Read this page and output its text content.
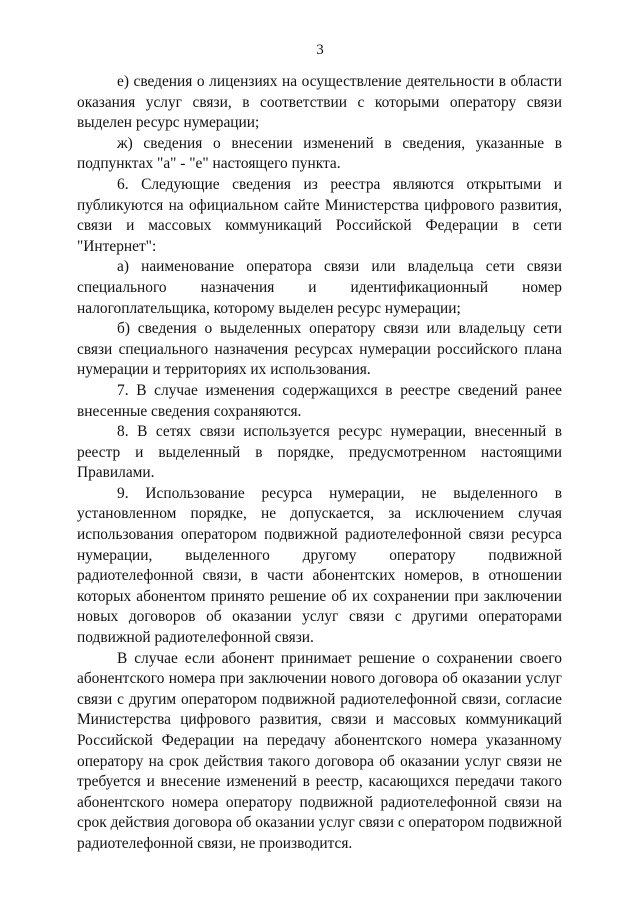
3

е) сведения о лицензиях на осуществление деятельности в области оказания услуг связи, в соответствии с которыми оператору связи выделен ресурс нумерации;

ж) сведения о внесении изменений в сведения, указанные в подпунктах "а" - "е" настоящего пункта.

6. Следующие сведения из реестра являются открытыми и публикуются на официальном сайте Министерства цифрового развития, связи и массовых коммуникаций Российской Федерации в сети "Интернет":

а) наименование оператора связи или владельца сети связи специального назначения и идентификационный номер налогоплательщика, которому выделен ресурс нумерации;

б) сведения о выделенных оператору связи или владельцу сети связи специального назначения ресурсах нумерации российского плана нумерации и территориях их использования.

7. В случае изменения содержащихся в реестре сведений ранее внесенные сведения сохраняются.

8. В сетях связи используется ресурс нумерации, внесенный в реестр и выделенный в порядке, предусмотренном настоящими Правилами.

9. Использование ресурса нумерации, не выделенного в установленном порядке, не допускается, за исключением случая использования оператором подвижной радиотелефонной связи ресурса нумерации, выделенного другому оператору подвижной радиотелефонной связи, в части абонентских номеров, в отношении которых абонентом принято решение об их сохранении при заключении новых договоров об оказании услуг связи с другими операторами подвижной радиотелефонной связи.

В случае если абонент принимает решение о сохранении своего абонентского номера при заключении нового договора об оказании услуг связи с другим оператором подвижной радиотелефонной связи, согласие Министерства цифрового развития, связи и массовых коммуникаций Российской Федерации на передачу абонентского номера указанному оператору на срок действия такого договора об оказании услуг связи не требуется и внесение изменений в реестр, касающихся передачи такого абонентского номера оператору подвижной радиотелефонной связи на срок действия договора об оказании услуг связи с оператором подвижной радиотелефонной связи, не производится.
